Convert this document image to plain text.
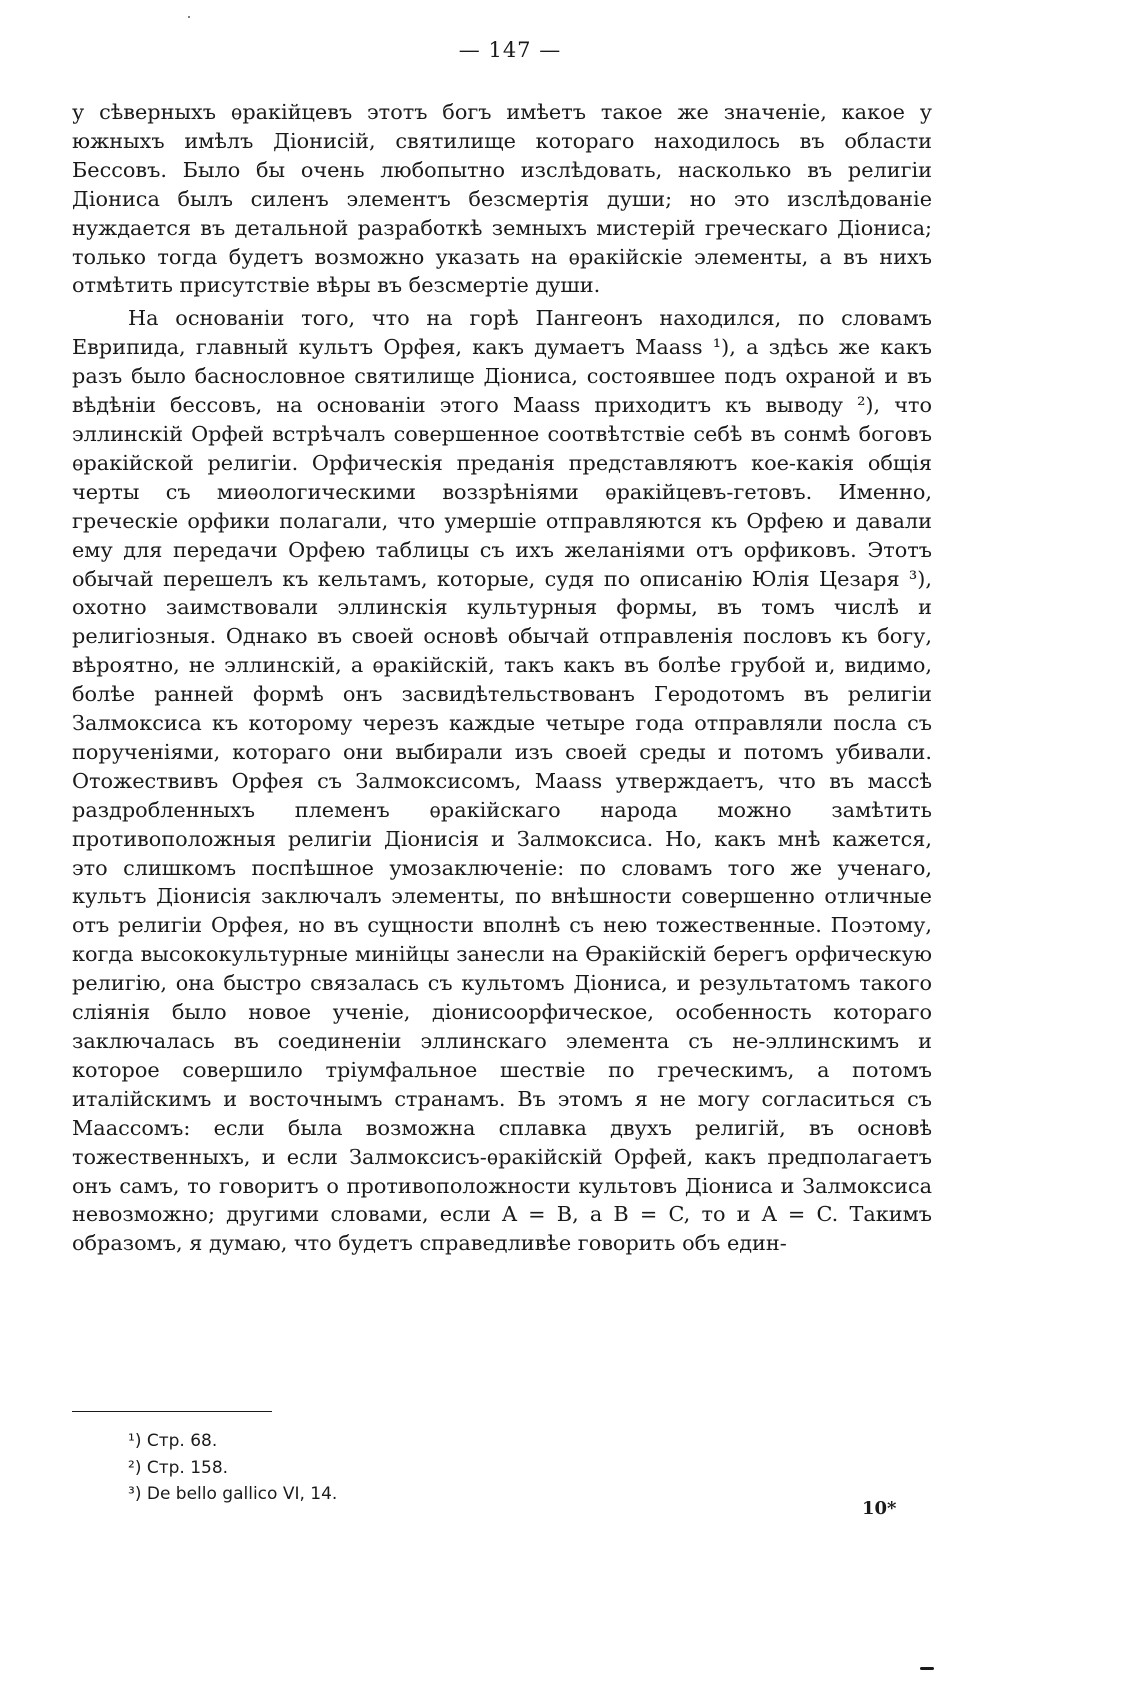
— 147 —

у сѣверныхъ ѳракійцевъ этотъ богъ имѣетъ такое же значеніе, какое у южныхъ имѣлъ Діонисій, святилище котораго находилось въ области Бессовъ. Было бы очень любопытно изслѣдовать, насколько въ религіи Діониса былъ силенъ элементъ безсмертія души; но это изслѣдованіе нуждается въ детальной разработкѣ земныхъ мистерій греческаго Діониса; только тогда будетъ возможно указать на ѳракійскіе элементы, а въ нихъ отмѣтить присутствіе вѣры въ безсмертіе души.

На основаніи того, что на горѣ Пангеонъ находился, по словамъ Еврипида, главный культъ Орфея, какъ думаетъ Maass ¹), а здѣсь же какъ разъ было баснословное святилище Діониса, состоявшее подъ охраной и въ вѣдѣніи бессовъ, на основаніи этого Maass приходитъ къ выводу ²), что эллинскій Орфей встрѣчалъ совершенное соотвѣтствіе себѣ въ сонмѣ боговъ ѳракійской религіи. Орфическія преданія представляютъ кое-какія общія черты съ миѳологическими воззрѣніями ѳракійцевъ-гетовъ. Именно, греческіе орфики полагали, что умершіе отправляются къ Орфею и давали ему для передачи Орфею таблицы съ ихъ желаніями отъ орфиковъ. Этотъ обычай перешелъ къ кельтамъ, которые, судя по описанію Юлія Цезаря ³), охотно заимствовали эллинскія культурныя формы, въ томъ числѣ и религіозныя. Однако въ своей основѣ обычай отправленія пословъ къ богу, вѣроятно, не эллинскій, а ѳракійскій, такъ какъ въ болѣе грубой и, видимо, болѣе ранней формѣ онъ засвидѣтельствованъ Геродотомъ въ религіи Залмоксиса къ которому черезъ каждые четыре года отправляли посла съ порученіями, котораго они выбирали изъ своей среды и потомъ убивали. Отожествивъ Орфея съ Залмоксисомъ, Maass утверждаетъ, что въ массѣ раздробленныхъ племенъ ѳракійскаго народа можно замѣтить противоположныя религіи Діонисія и Залмоксиса. Но, какъ мнѣ кажется, это слишкомъ поспѣшное умозаключеніе: по словамъ того же ученаго, культъ Діонисія заключалъ элементы, по внѣшности совершенно отличные отъ религіи Орфея, но въ сущности вполнѣ съ нею тожественные. Поэтому, когда высококультурные минійцы занесли на Ѳракійскій берегъ орфическую религію, она быстро связалась съ культомъ Діониса, и результатомъ такого сліянія было новое ученіе, діонисоорфическое, особенность котораго заключалась въ соединеніи эллинскаго элемента съ не-эллинскимъ и которое совершило тріумфальное шествіе по греческимъ, а потомъ италійскимъ и восточнымъ странамъ. Въ этомъ я не могу согласиться съ Маассомъ: если была возможна сплавка двухъ религій, въ основѣ тожественныхъ, и если Залмоксисъ-ѳракійскій Орфей, какъ предполагаетъ онъ самъ, то говоритъ о противоположности культовъ Діониса и Залмоксиса невозможно; другими словами, если A = B, а B = C, то и A = C. Такимъ образомъ, я думаю, что будетъ справедливѣе говорить объ един-

¹) Стр. 68.
²) Стр. 158.
³) De bello gallico VI, 14.
10*
